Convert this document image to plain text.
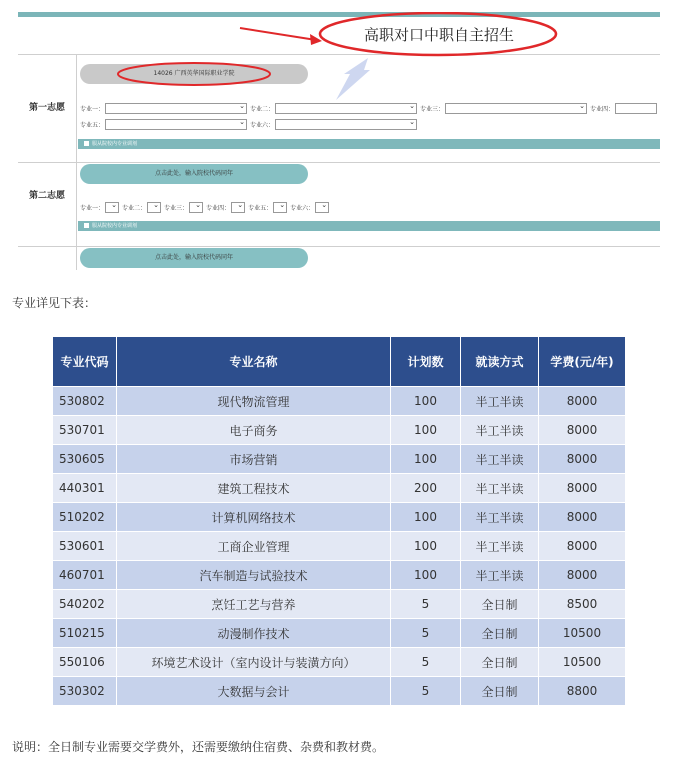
第一志愿
14026 广西英华国际职业学院
专业一：	⌄ 专业二：	⌄ 专业三：	⌄ 专业四：
专业五：	⌄ 专业六：	⌄
服从院校内专业调剂
第二志愿
点击此处，输入院校代码同年
专业一： ⌄ 专业二： ⌄ 专业三： ⌄ 专业四： ⌄ 专业五： ⌄ 专业六： ⌄
服从院校内专业调剂
点击此处，输入院校代码同年
高职对口中职自主招生
专业详见下表：
专业代码	专业名称	计划数	就读方式	学费(元/年)
530802	现代物流管理	100	半工半读	8000
530701	电子商务	100	半工半读	8000
530605	市场营销	100	半工半读	8000
440301	建筑工程技术	200	半工半读	8000
510202	计算机网络技术	100	半工半读	8000
530601	工商企业管理	100	半工半读	8000
460701	汽车制造与试验技术	100	半工半读	8000
540202	烹饪工艺与营养	5	全日制	8500
510215	动漫制作技术	5	全日制	10500
550106	环境艺术设计（室内设计与装潢方向）	5	全日制	10500
530302	大数据与会计	5	全日制	8800
说明：全日制专业需要交学费外，还需要缴纳住宿费、杂费和教材费。
